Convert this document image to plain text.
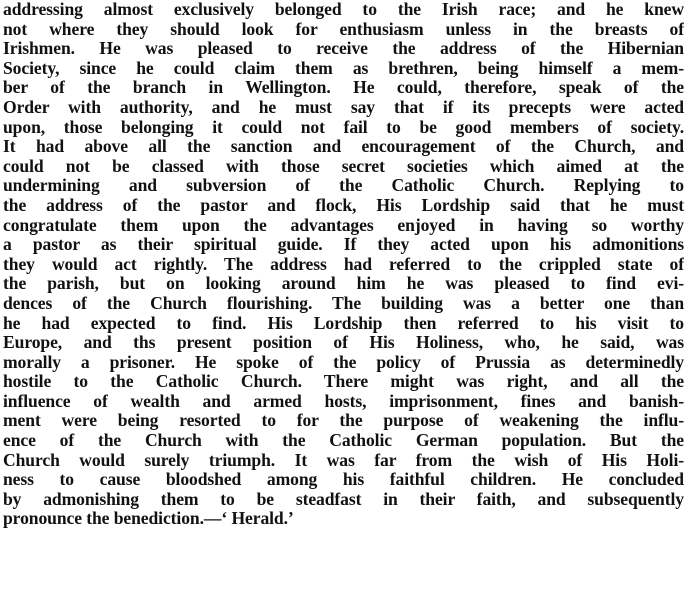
addressing almost exclusively belonged to the Irish race; and he knew
not where they should look for enthusiasm unless in the breasts of
Irishmen. He was pleased to receive the address of the Hibernian
Society, since he could claim them as brethren, being himself a mem-
ber of the branch in Wellington. He could, therefore, speak of the
Order with authority, and he must say that if its precepts were acted
upon, those belonging it could not fail to be good members of society.
It had above all the sanction and encouragement of the Church, and
could not be classed with those secret societies which aimed at the
undermining and subversion of the Catholic Church. Replying to
the address of the pastor and flock, His Lordship said that he must
congratulate them upon the advantages enjoyed in having so worthy
a pastor as their spiritual guide. If they acted upon his admonitions
they would act rightly. The address had referred to the crippled state of
the parish, but on looking around him he was pleased to find evi-
dences of the Church flourishing. The building was a better one than
he had expected to find. His Lordship then referred to his visit to
Europe, and ths present position of His Holiness, who, he said, was
morally a prisoner. He spoke of the policy of Prussia as determinedly
hostile to the Catholic Church. There might was right, and all the
influence of wealth and armed hosts, imprisonment, fines and banish-
ment were being resorted to for the purpose of weakening the influ-
ence of the Church with the Catholic German population. But the
Church would surely triumph. It was far from the wish of His Holi-
ness to cause bloodshed among his faithful children. He concluded
by admonishing them to be steadfast in their faith, and subsequently
pronounce the benediction.—‘ Herald.’
